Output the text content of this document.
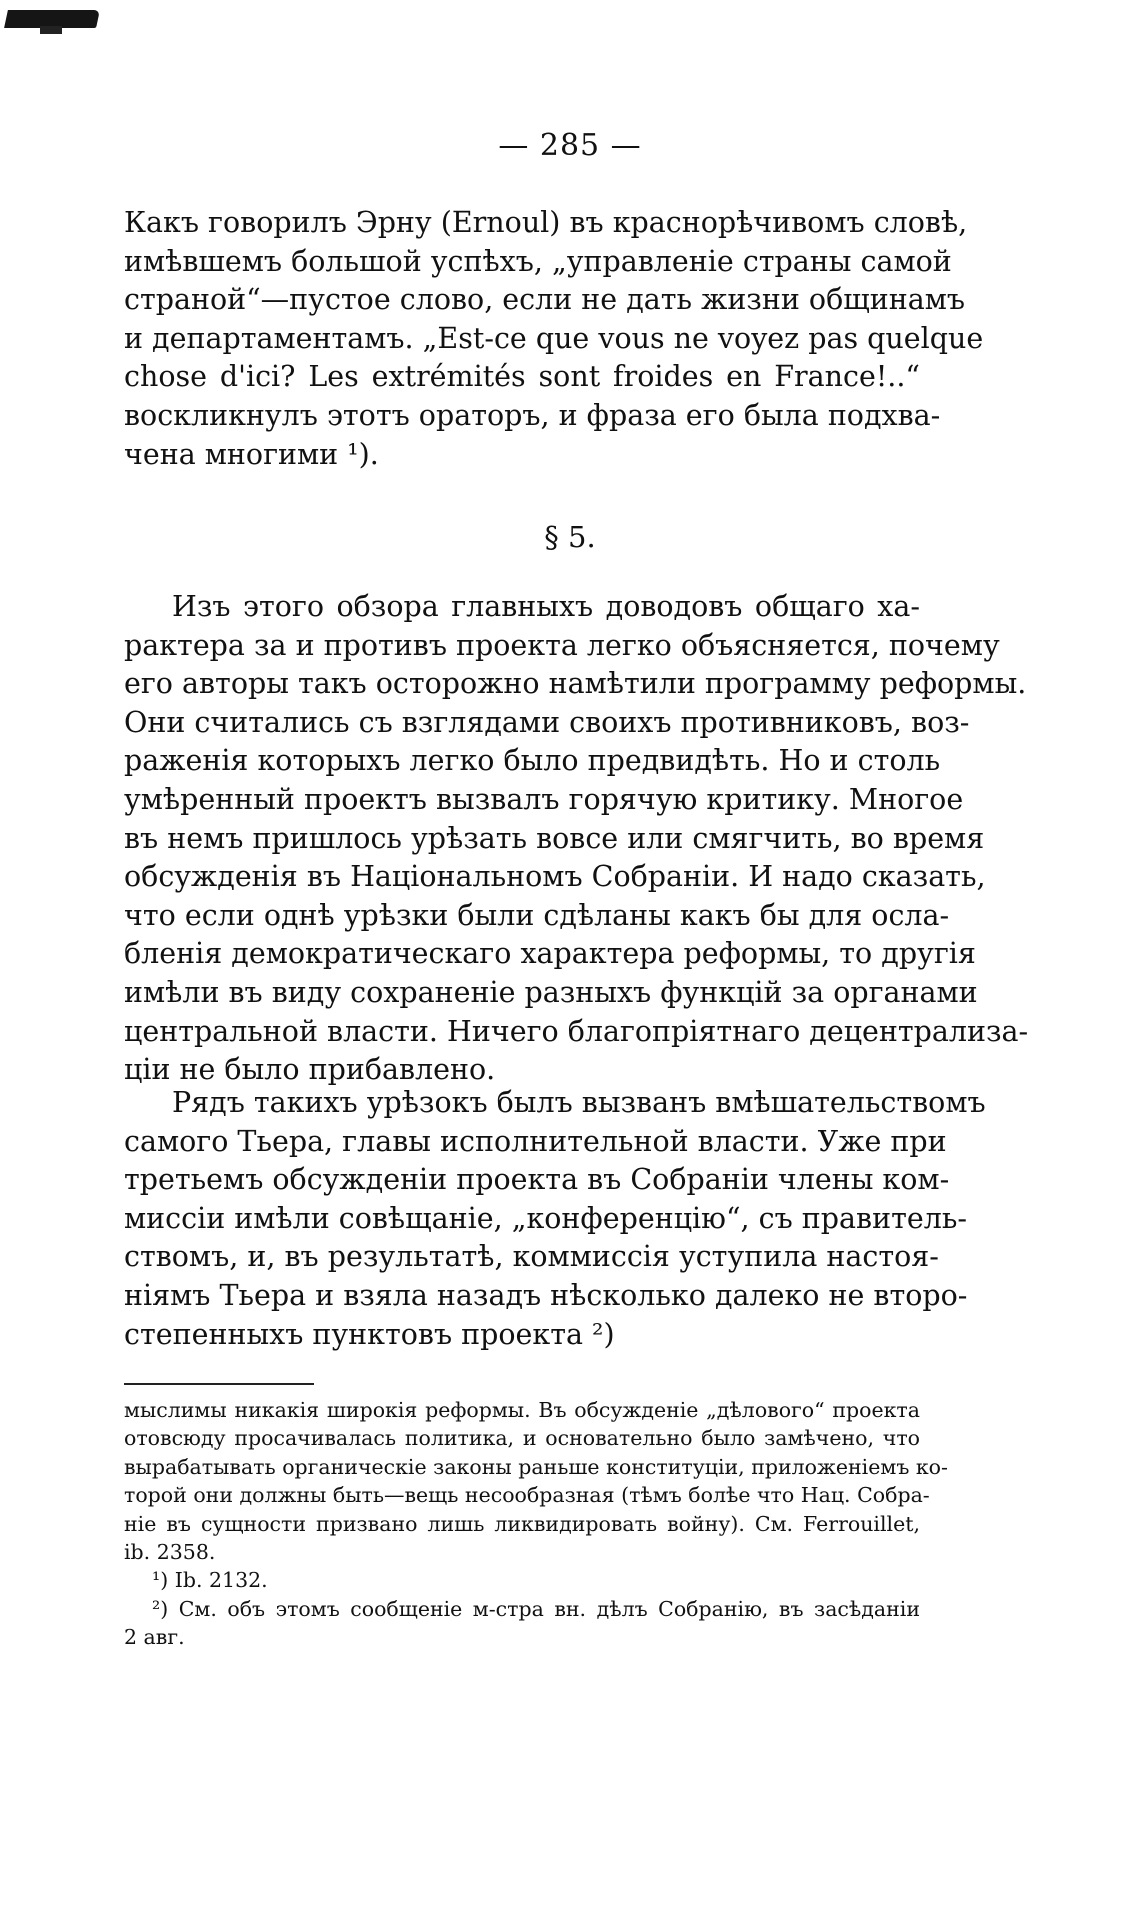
— 285 —
Какъ говорилъ Эрну (Ernoul) въ краснорѣчивомъ словѣ,
имѣвшемъ большой успѣхъ, „управленіе страны самой
страной“—пустое слово, если не дать жизни общинамъ
и департаментамъ. „Est-ce que vous ne voyez pas quelque
chose d'ici? Les extrémités sont froides en France!..“
воскликнулъ этотъ ораторъ, и фраза его была подхва-
чена многими ¹).
§ 5.
Изъ этого обзора главныхъ доводовъ общаго ха-
рактера за и противъ проекта легко объясняется, почему
его авторы такъ осторожно намѣтили программу реформы.
Они считались съ взглядами своихъ противниковъ, воз-
раженія которыхъ легко было предвидѣть. Но и столь
умѣренный проектъ вызвалъ горячую критику. Многое
въ немъ пришлось урѣзать вовсе или смягчить, во время
обсужденія въ Національномъ Собраніи. И надо сказать,
что если однѣ урѣзки были сдѣланы какъ бы для осла-
бленія демократическаго характера реформы, то другія
имѣли въ виду сохраненіе разныхъ функцій за органами
центральной власти. Ничего благопріятнаго децентрализа-
ціи не было прибавлено.
Рядъ такихъ урѣзокъ былъ вызванъ вмѣшательствомъ
самого Тьера, главы исполнительной власти. Уже при
третьемъ обсужденіи проекта въ Собраніи члены ком-
миссіи имѣли совѣщаніе, „конференцію“, съ правитель-
ствомъ, и, въ результатѣ, коммиссія уступила настоя-
ніямъ Тьера и взяла назадъ нѣсколько далеко не второ-
степенныхъ пунктовъ проекта ²)
мыслимы никакія широкія реформы. Въ обсужденіе „дѣлового“ проекта
отовсюду просачивалась политика, и основательно было замѣчено, что
вырабатывать органическіе законы раньше конституціи, приложеніемъ ко-
торой они должны быть—вещь несообразная (тѣмъ болѣе что Нац. Собра-
ніе въ сущности призвано лишь ликвидировать войну). См. Ferrouillet,
ib. 2358.
¹) Ib. 2132.
²) См. объ этомъ сообщеніе м-стра вн. дѣлъ Собранію, въ засѣданіи
2 авг.
